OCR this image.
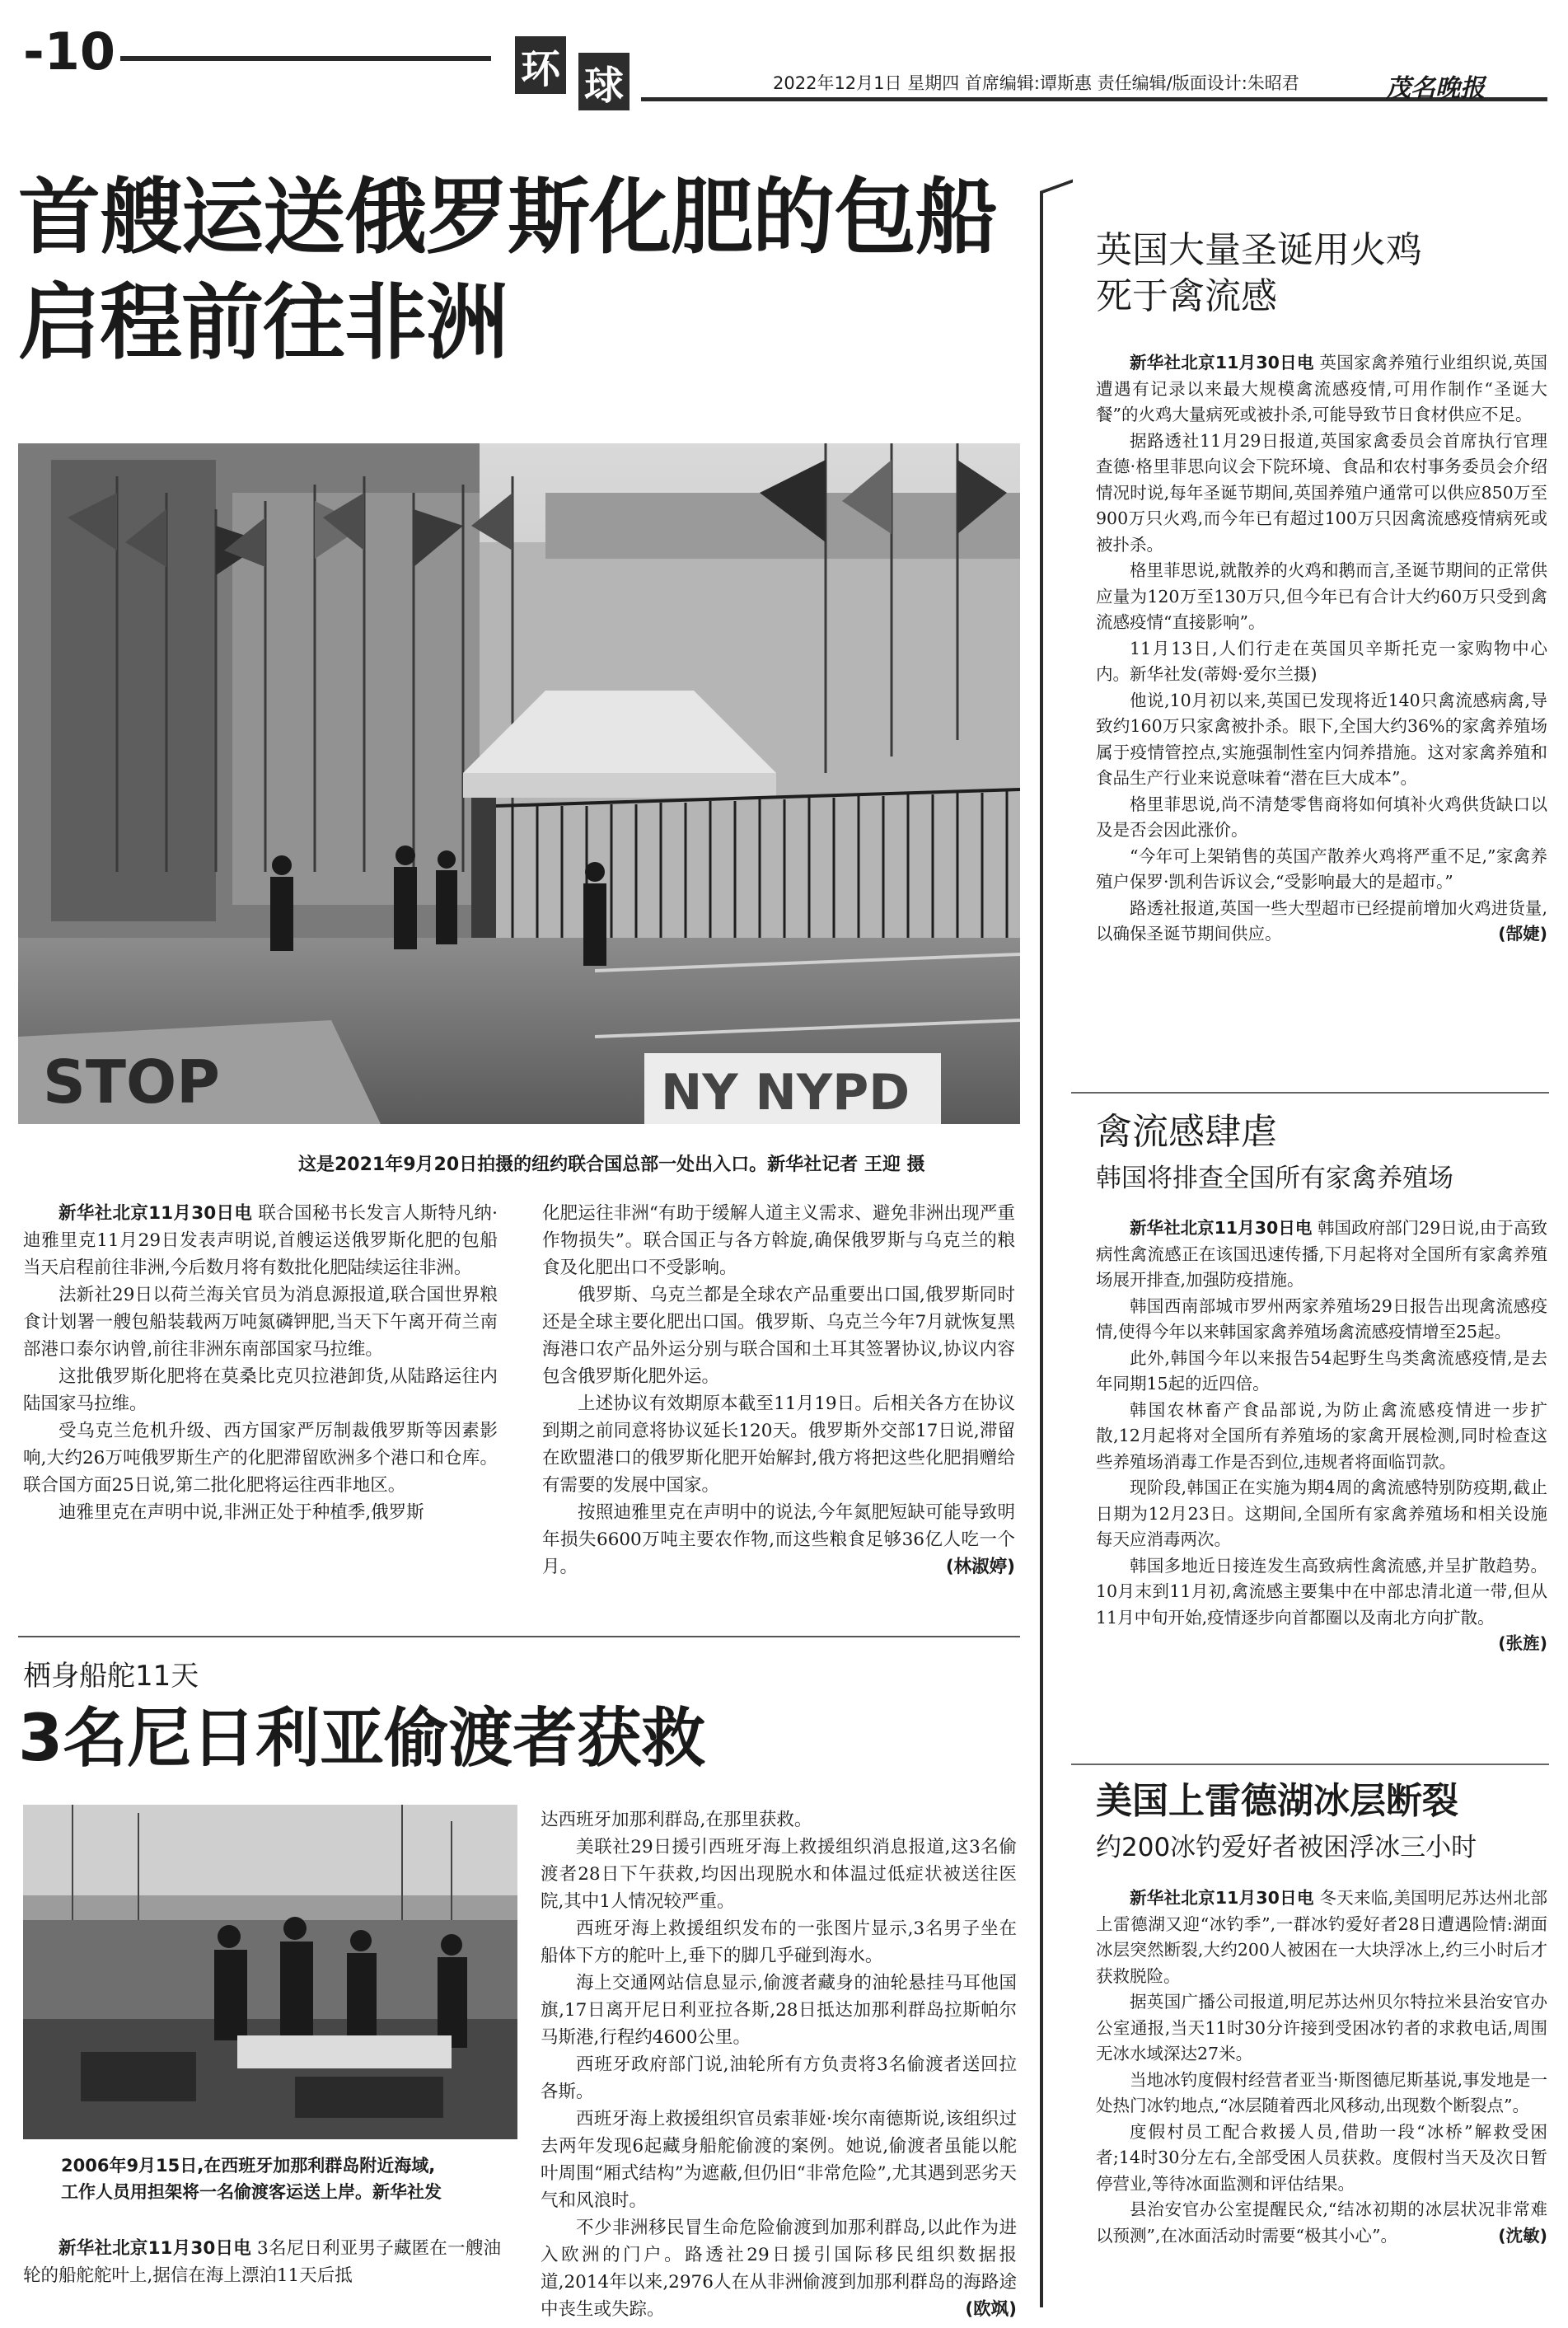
-10	环 球	2022年12月1日 星期四 首席编辑:谭斯惠 责任编辑/版面设计:朱昭君	茂名晚报
首艘运送俄罗斯化肥的包船
启程前往非洲
STOP	NY NYPD
这是2021年9月20日拍摄的纽约联合国总部一处出入口。新华社记者 王迎 摄

新华社北京11月30日电 联合国秘书长发言人斯特凡纳·迪雅里克11月29日发表声明说,首艘运送俄罗斯化肥的包船当天启程前往非洲,今后数月将有数批化肥陆续运往非洲。

法新社29日以荷兰海关官员为消息源报道,联合国世界粮食计划署一艘包船装载两万吨氮磷钾肥,当天下午离开荷兰南部港口泰尔讷曾,前往非洲东南部国家马拉维。

这批俄罗斯化肥将在莫桑比克贝拉港卸货,从陆路运往内陆国家马拉维。

受乌克兰危机升级、西方国家严厉制裁俄罗斯等因素影响,大约26万吨俄罗斯生产的化肥滞留欧洲多个港口和仓库。联合国方面25日说,第二批化肥将运往西非地区。

迪雅里克在声明中说,非洲正处于种植季,俄罗斯

化肥运往非洲“有助于缓解人道主义需求、避免非洲出现严重作物损失”。联合国正与各方斡旋,确保俄罗斯与乌克兰的粮食及化肥出口不受影响。

俄罗斯、乌克兰都是全球农产品重要出口国,俄罗斯同时还是全球主要化肥出口国。俄罗斯、乌克兰今年7月就恢复黑海港口农产品外运分别与联合国和土耳其签署协议,协议内容包含俄罗斯化肥外运。

上述协议有效期原本截至11月19日。后相关各方在协议到期之前同意将协议延长120天。俄罗斯外交部17日说,滞留在欧盟港口的俄罗斯化肥开始解封,俄方将把这些化肥捐赠给有需要的发展中国家。

按照迪雅里克在声明中的说法,今年氮肥短缺可能导致明年损失6600万吨主要农作物,而这些粮食足够36亿人吃一个月。	(林淑婷)

栖身船舵11天
3名尼日利亚偷渡者获救
2006年9月15日,在西班牙加那利群岛附近海域,
工作人员用担架将一名偷渡客运送上岸。新华社发

新华社北京11月30日电 3名尼日利亚男子藏匿在一艘油轮的船舵舵叶上,据信在海上漂泊11天后抵

达西班牙加那利群岛,在那里获救。

美联社29日援引西班牙海上救援组织消息报道,这3名偷渡者28日下午获救,均因出现脱水和体温过低症状被送往医院,其中1人情况较严重。

西班牙海上救援组织发布的一张图片显示,3名男子坐在船体下方的舵叶上,垂下的脚几乎碰到海水。

海上交通网站信息显示,偷渡者藏身的油轮悬挂马耳他国旗,17日离开尼日利亚拉各斯,28日抵达加那利群岛拉斯帕尔马斯港,行程约4600公里。

西班牙政府部门说,油轮所有方负责将3名偷渡者送回拉各斯。

西班牙海上救援组织官员索菲娅·埃尔南德斯说,该组织过去两年发现6起藏身船舵偷渡的案例。她说,偷渡者虽能以舵叶周围“厢式结构”为遮蔽,但仍旧“非常危险”,尤其遇到恶劣天气和风浪时。

不少非洲移民冒生命危险偷渡到加那利群岛,以此作为进入欧洲的门户。路透社29日援引国际移民组织数据报道,2014年以来,2976人在从非洲偷渡到加那利群岛的海路途中丧生或失踪。	(欧飒)

英国大量圣诞用火鸡
死于禽流感

新华社北京11月30日电 英国家禽养殖行业组织说,英国遭遇有记录以来最大规模禽流感疫情,可用作制作“圣诞大餐”的火鸡大量病死或被扑杀,可能导致节日食材供应不足。

据路透社11月29日报道,英国家禽委员会首席执行官理查德·格里菲思向议会下院环境、食品和农村事务委员会介绍情况时说,每年圣诞节期间,英国养殖户通常可以供应850万至900万只火鸡,而今年已有超过100万只因禽流感疫情病死或被扑杀。

格里菲思说,就散养的火鸡和鹅而言,圣诞节期间的正常供应量为120万至130万只,但今年已有合计大约60万只受到禽流感疫情“直接影响”。

11月13日,人们行走在英国贝辛斯托克一家购物中心内。新华社发(蒂姆·爱尔兰摄)

他说,10月初以来,英国已发现将近140只禽流感病禽,导致约160万只家禽被扑杀。眼下,全国大约36%的家禽养殖场属于疫情管控点,实施强制性室内饲养措施。这对家禽养殖和食品生产行业来说意味着“潜在巨大成本”。

格里菲思说,尚不清楚零售商将如何填补火鸡供货缺口以及是否会因此涨价。

“今年可上架销售的英国产散养火鸡将严重不足,”家禽养殖户保罗·凯利告诉议会,“受影响最大的是超市。”

路透社报道,英国一些大型超市已经提前增加火鸡进货量,以确保圣诞节期间供应。	(郜婕)

禽流感肆虐
韩国将排查全国所有家禽养殖场

新华社北京11月30日电 韩国政府部门29日说,由于高致病性禽流感正在该国迅速传播,下月起将对全国所有家禽养殖场展开排查,加强防疫措施。

韩国西南部城市罗州两家养殖场29日报告出现禽流感疫情,使得今年以来韩国家禽养殖场禽流感疫情增至25起。

此外,韩国今年以来报告54起野生鸟类禽流感疫情,是去年同期15起的近四倍。

韩国农林畜产食品部说,为防止禽流感疫情进一步扩散,12月起将对全国所有养殖场的家禽开展检测,同时检查这些养殖场消毒工作是否到位,违规者将面临罚款。

现阶段,韩国正在实施为期4周的禽流感特别防疫期,截止日期为12月23日。这期间,全国所有家禽养殖场和相关设施每天应消毒两次。

韩国多地近日接连发生高致病性禽流感,并呈扩散趋势。10月末到11月初,禽流感主要集中在中部忠清北道一带,但从11月中旬开始,疫情逐步向首都圈以及南北方向扩散。
(张旌)

美国上雷德湖冰层断裂
约200冰钓爱好者被困浮冰三小时

新华社北京11月30日电 冬天来临,美国明尼苏达州北部上雷德湖又迎“冰钓季”,一群冰钓爱好者28日遭遇险情:湖面冰层突然断裂,大约200人被困在一大块浮冰上,约三小时后才获救脱险。

据英国广播公司报道,明尼苏达州贝尔特拉米县治安官办公室通报,当天11时30分许接到受困冰钓者的求救电话,周围无冰水域深达27米。

当地冰钓度假村经营者亚当·斯图德尼斯基说,事发地是一处热门冰钓地点,“冰层随着西北风移动,出现数个断裂点”。

度假村员工配合救援人员,借助一段“冰桥”解救受困者;14时30分左右,全部受困人员获救。度假村当天及次日暂停营业,等待冰面监测和评估结果。

县治安官办公室提醒民众,“结冰初期的冰层状况非常难以预测”,在冰面活动时需要“极其小心”。	(沈敏)
